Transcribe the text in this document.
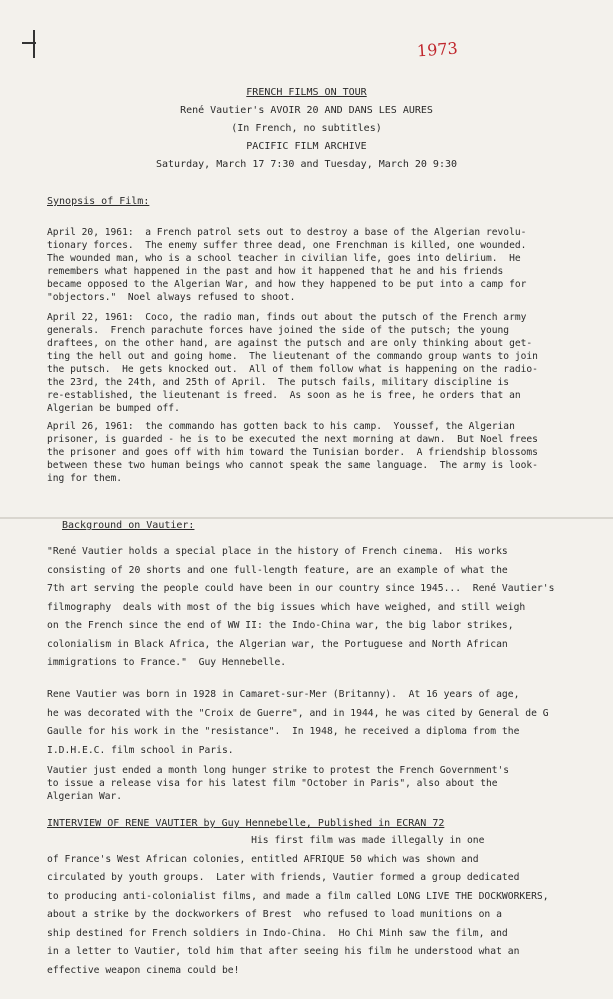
1973
FRENCH FILMS ON TOUR
René Vautier's AVOIR 20 AND DANS LES AURES
(In French, no subtitles)
PACIFIC FILM ARCHIVE
Saturday, March 17 7:30 and Tuesday, March 20 9:30
Synopsis of Film:
April 20, 1961:  a French patrol sets out to destroy a base of the Algerian revolu-
tionary forces.  The enemy suffer three dead, one Frenchman is killed, one wounded.
The wounded man, who is a school teacher in civilian life, goes into delirium.  He
remembers what happened in the past and how it happened that he and his friends
became opposed to the Algerian War, and how they happened to be put into a camp for
"objectors."  Noel always refused to shoot.
April 22, 1961:  Coco, the radio man, finds out about the putsch of the French army
generals.  French parachute forces have joined the side of the putsch; the young
draftees, on the other hand, are against the putsch and are only thinking about get-
ting the hell out and going home.  The lieutenant of the commando group wants to join
the putsch.  He gets knocked out.  All of them follow what is happening on the radio-
the 23rd, the 24th, and 25th of April.  The putsch fails, military discipline is
re-established, the lieutenant is freed.  As soon as he is free, he orders that an
Algerian be bumped off.
April 26, 1961:  the commando has gotten back to his camp.  Youssef, the Algerian
prisoner, is guarded - he is to be executed the next morning at dawn.  But Noel frees
the prisoner and goes off with him toward the Tunisian border.  A friendship blossoms
between these two human beings who cannot speak the same language.  The army is look-
ing for them.
Background on Vautier:
"René Vautier holds a special place in the history of French cinema.  His works
consisting of 20 shorts and one full-length feature, are an example of what the
7th art serving the people could have been in our country since 1945...  René Vautier's
filmography  deals with most of the big issues which have weighed, and still weigh
on the French since the end of WW II: the Indo-China war, the big labor strikes,
colonialism in Black Africa, the Algerian war, the Portuguese and North African
immigrations to France."  Guy Hennebelle.
Rene Vautier was born in 1928 in Camaret-sur-Mer (Britanny).  At 16 years of age,
he was decorated with the "Croix de Guerre", and in 1944, he was cited by General de G
Gaulle for his work in the "resistance".  In 1948, he received a diploma from the
I.D.H.E.C. film school in Paris.
Vautier just ended a month long hunger strike to protest the French Government's
to issue a release visa for his latest film "October in Paris", also about the
Algerian War.
INTERVIEW OF RENE VAUTIER by Guy Hennebelle, Published in ECRAN 72
His first film was made illegally in one
of France's West African colonies, entitled AFRIQUE 50 which was shown and
circulated by youth groups.  Later with friends, Vautier formed a group dedicated
to producing anti-colonialist films, and made a film called LONG LIVE THE DOCKWORKERS,
about a strike by the dockworkers of Brest  who refused to load munitions on a
ship destined for French soldiers in Indo-China.  Ho Chi Minh saw the film, and
in a letter to Vautier, told him that after seeing his film he understood what an
effective weapon cinema could be!
